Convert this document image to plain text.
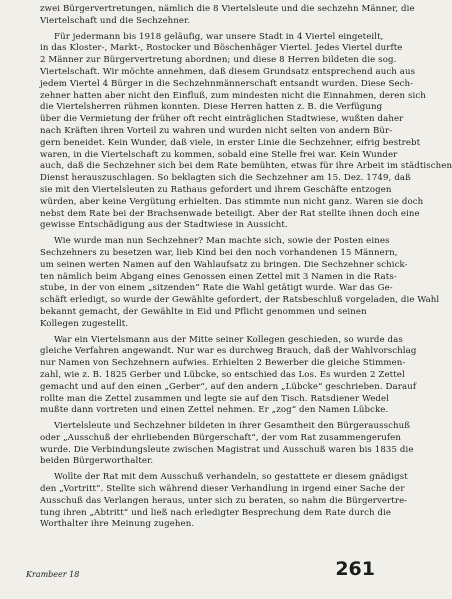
zwei Bürgervertretungen, nämlich die 8 Viertelsleute und die sechzehn Männer, die
Viertelschaft und die Sechzehner.
Für jedermann bis 1918 geläufig, war unsere Stadt in 4 Viertel eingeteilt,
in das Kloster-, Markt-, Rostocker und Böschenhäger Viertel. Jedes Viertel durfte
2 Männer zur Bürgervertretung abordnen; und diese 8 Herren bildeten die sog.
Viertelschaft. Wir möchte annehmen, daß diesem Grundsatz entsprechend auch aus
jedem Viertel 4 Bürger in die Sechzehnmännerschaft entsandt wurden. Diese Sech-
zehner hatten aber nicht den Einfluß, zum mindesten nicht die Einnahmen, deren sich
die Viertelsherren rühmen konnten. Diese Herren hatten z. B. die Verfügung
über die Vermietung der früher oft recht einträglichen Stadtwiese, wußten daher
nach Kräften ihren Vorteil zu wahren und wurden nicht selten von andern Bür-
gern beneidet. Kein Wunder, daß viele, in erster Linie die Sechzehner, eifrig bestrebt
waren, in die Viertelschaft zu kommen, sobald eine Stelle frei war. Kein Wunder
auch, daß die Sechzehner sich bei dem Rate bemühten, etwas für ihre Arbeit im städtischen
Dienst herauszuschlagen. So beklagten sich die Sechzehner am 15. Dez. 1749, daß
sie mit den Viertelsleuten zu Rathaus gefordert und ihrem Geschäfte entzogen
würden, aber keine Vergütung erhielten. Das stimmte nun nicht ganz. Waren sie doch
nebst dem Rate bei der Brachsenwade beteiligt. Aber der Rat stellte ihnen doch eine
gewisse Entschädigung aus der Stadtwiese in Aussicht.
Wie wurde man nun Sechzehner? Man machte sich, sowie der Posten eines
Sechzehners zu besetzen war, lieb Kind bei den noch vorhandenen 15 Männern,
um seinen werten Namen auf den Wahlaufsatz zu bringen. Die Sechzehner schick-
ten nämlich beim Abgang eines Genossen einen Zettel mit 3 Namen in die Rats-
stube, in der von einem „sitzenden“ Rate die Wahl getätigt wurde. War das Ge-
schäft erledigt, so wurde der Gewählte gefordert, der Ratsbeschluß vorgeladen, die Wahl
bekannt gemacht, der Gewählte in Eid und Pflicht genommen und seinen
Kollegen zugestellt.
War ein Viertelsmann aus der Mitte seiner Kollegen geschieden, so wurde das
gleiche Verfahren angewandt. Nur war es durchweg Brauch, daß der Wahlvorschlag
nur Namen von Sechzehnern aufwies. Erhielten 2 Bewerber die gleiche Stimmen-
zahl, wie z. B. 1825 Gerber und Lübcke, so entschied das Los. Es wurden 2 Zettel
gemacht und auf den einen „Gerber“, auf den andern „Lübcke“ geschrieben. Darauf
rollte man die Zettel zusammen und legte sie auf den Tisch. Ratsdiener Wedel
mußte dann vortreten und einen Zettel nehmen. Er „zog“ den Namen Lübcke.
Viertelsleute und Sechzehner bildeten in ihrer Gesamtheit den Bürgerausschuß
oder „Ausschuß der ehrliebenden Bürgerschaft“, der vom Rat zusammengerufen
wurde. Die Verbindungsleute zwischen Magistrat und Ausschuß waren bis 1835 die
beiden Bürgerworthalter.
Wollte der Rat mit dem Ausschuß verhandeln, so gestattete er diesem gnädigst
den „Vortritt“. Stellte sich während dieser Verhandlung in irgend einer Sache der
Ausschuß das Verlangen heraus, unter sich zu beraten, so nahm die Bürgervertre-
tung ihren „Abtritt“ und ließ nach erledigter Besprechung dem Rate durch die
Worthalter ihre Meinung zugehen.
Krambeer 18	261
